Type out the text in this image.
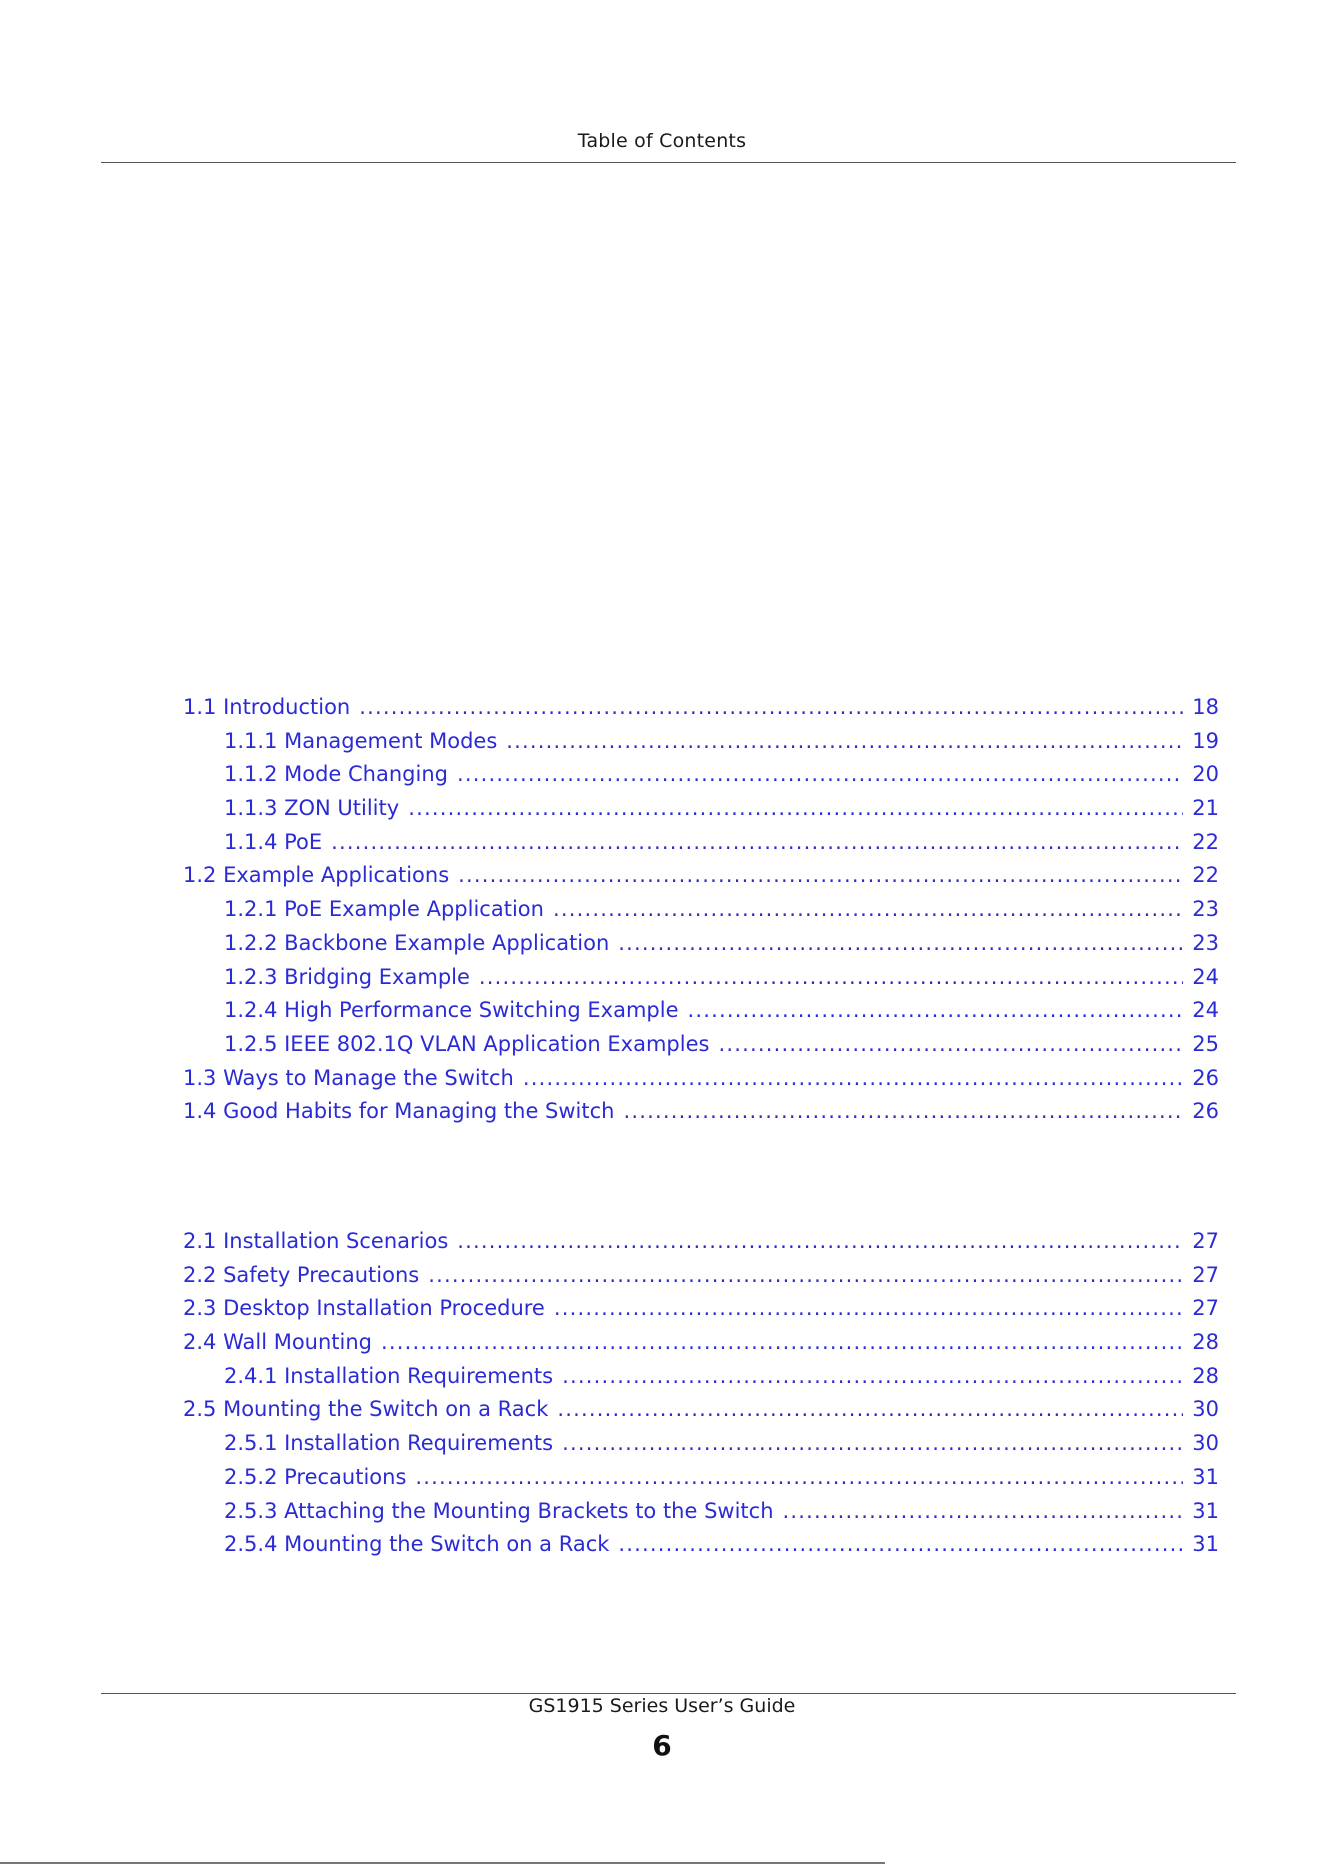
Table of Contents
1.1 Introduction .....	18
1.1.1 Management Modes .....	19
1.1.2 Mode Changing .....	20
1.1.3 ZON Utility .....	21
1.1.4 PoE .....	22
1.2 Example Applications .....	22
1.2.1 PoE Example Application .....	23
1.2.2 Backbone Example Application .....	23
1.2.3 Bridging Example .....	24
1.2.4 High Performance Switching Example .....	24
1.2.5 IEEE 802.1Q VLAN Application Examples .....	25
1.3 Ways to Manage the Switch .....	26
1.4 Good Habits for Managing the Switch .....	26
2.1 Installation Scenarios .....	27
2.2 Safety Precautions .....	27
2.3 Desktop Installation Procedure .....	27
2.4 Wall Mounting .....	28
2.4.1 Installation Requirements .....	28
2.5 Mounting the Switch on a Rack .....	30
2.5.1 Installation Requirements .....	30
2.5.2 Precautions .....	31
2.5.3 Attaching the Mounting Brackets to the Switch .....	31
2.5.4 Mounting the Switch on a Rack .....	31
GS1915 Series User’s Guide
6
